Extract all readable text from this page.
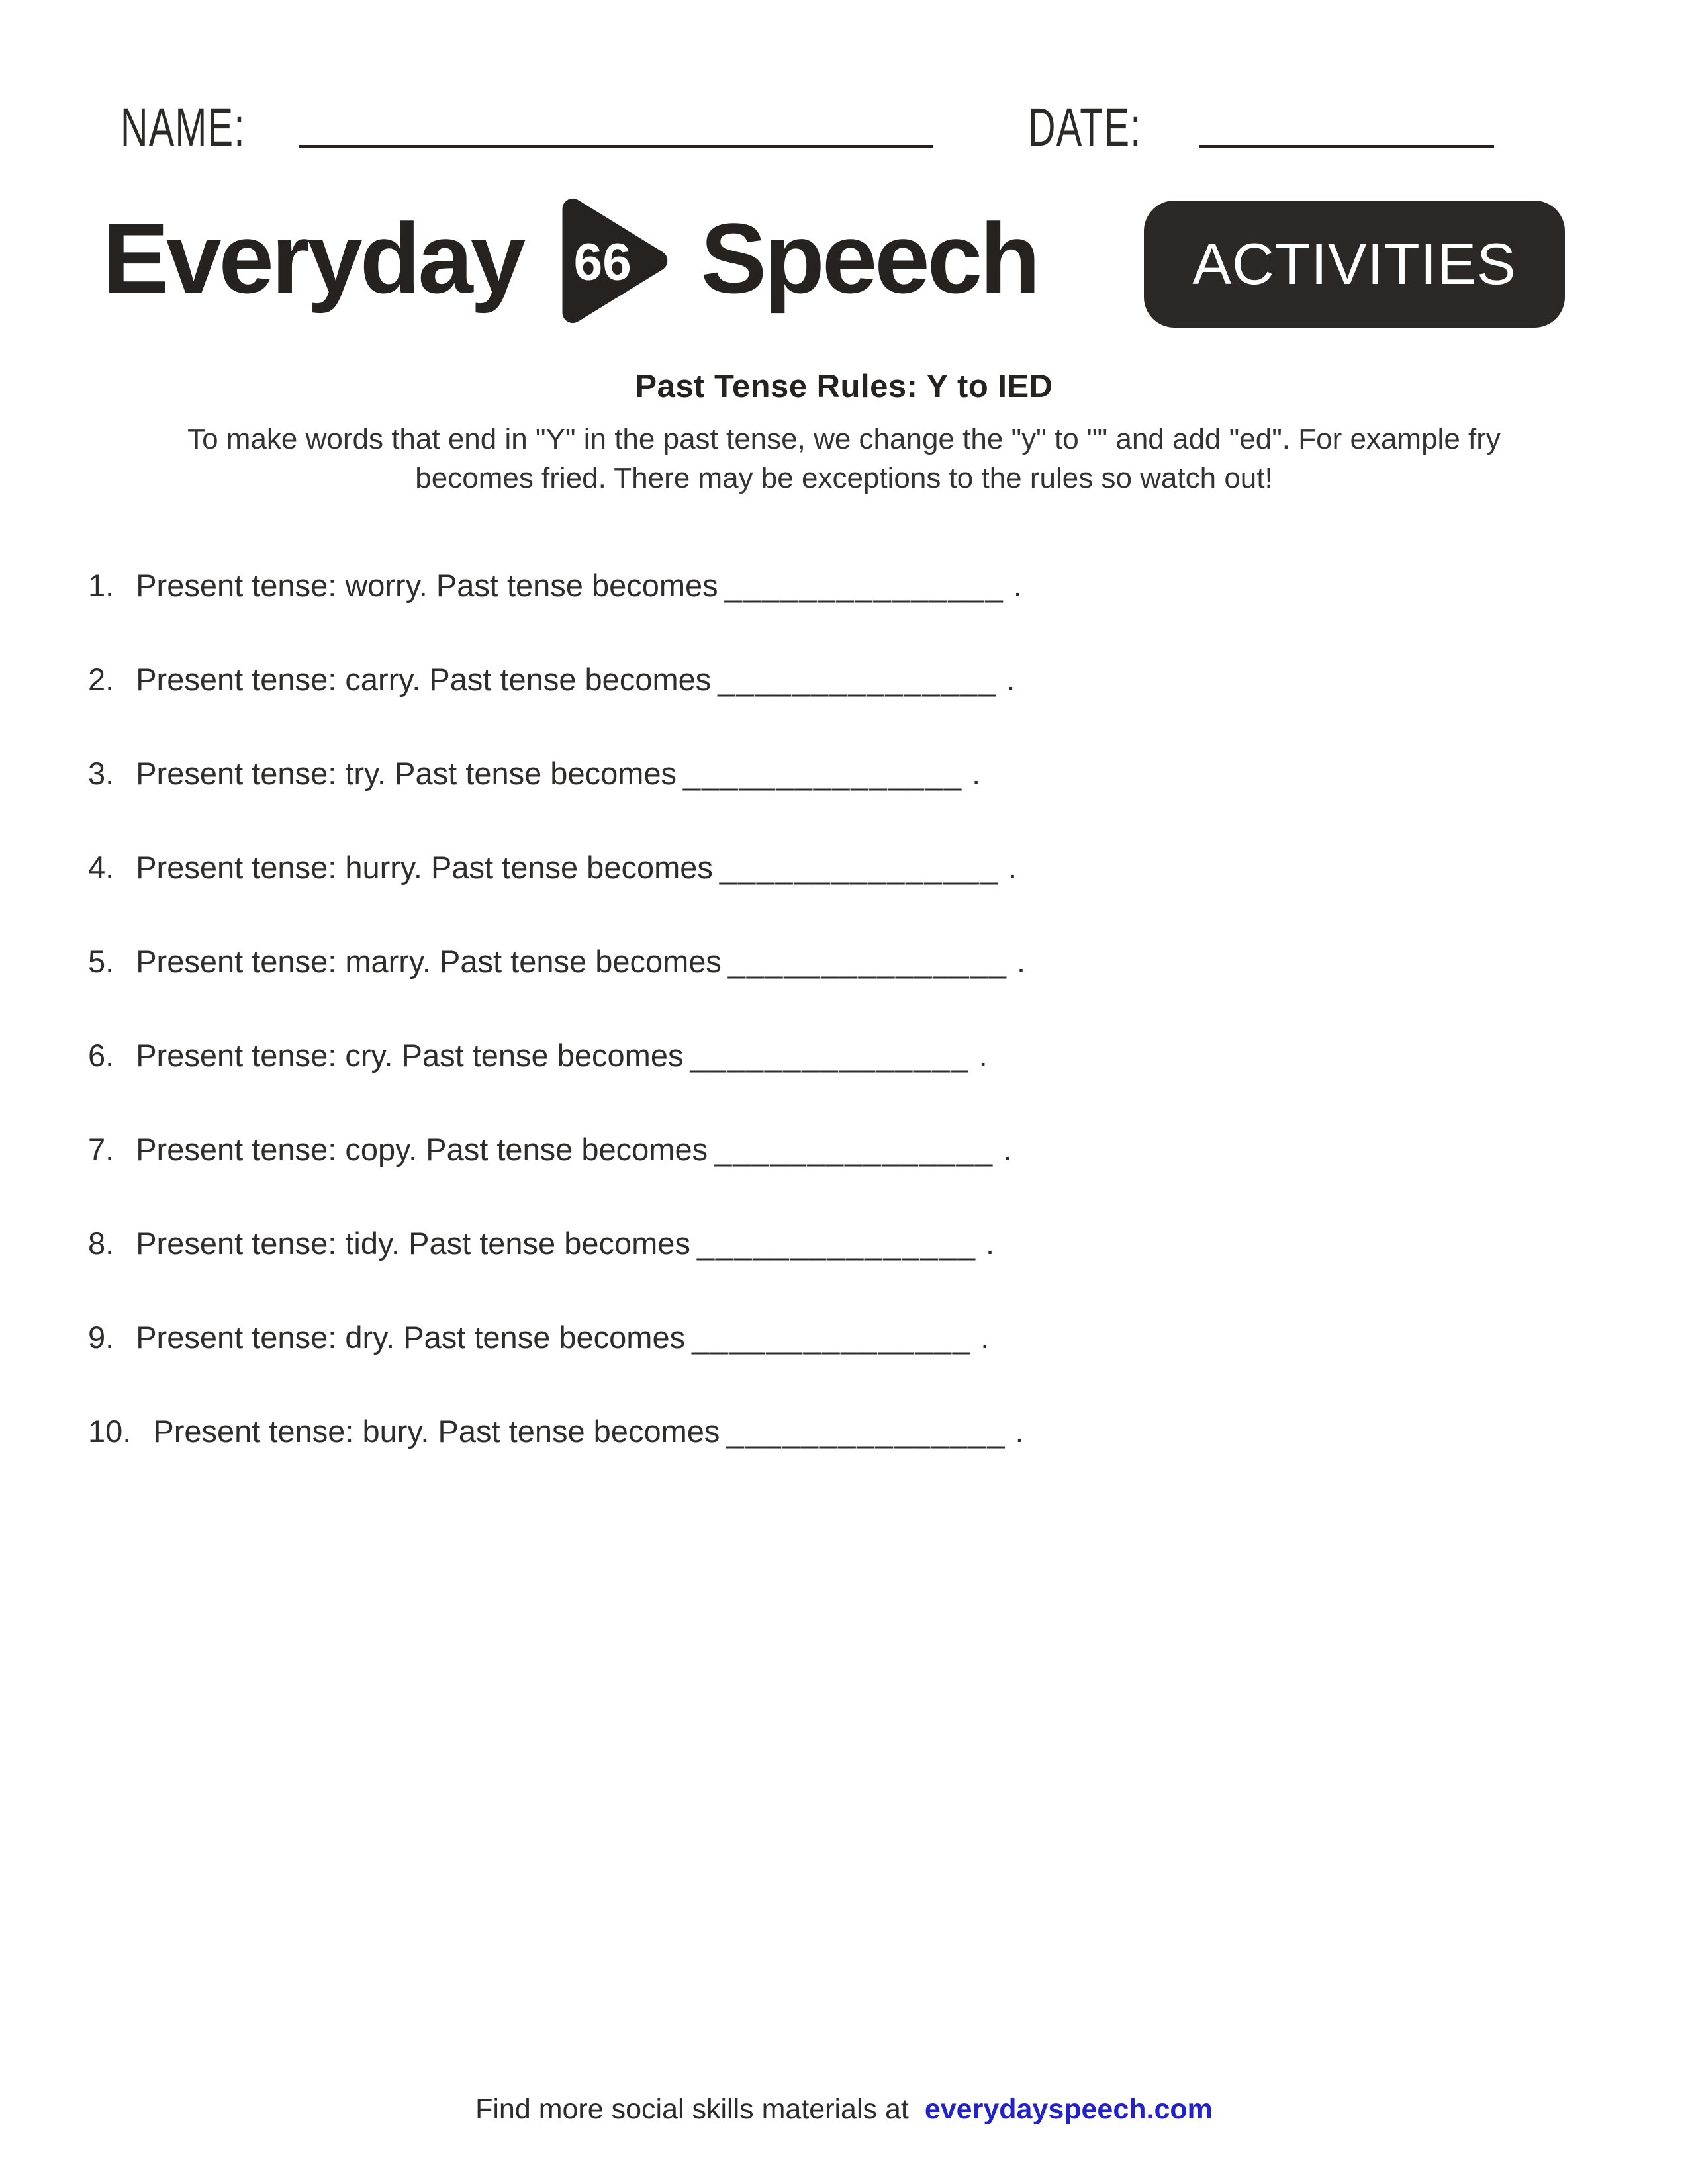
NAME:	DATE:
Everyday 66 Speech	ACTIVITIES
Past Tense Rules: Y to IED
To make words that end in "Y" in the past tense, we change the "y" to "" and add "ed". For example fry
becomes fried. There may be exceptions to the rules so watch out!
1. Present tense: worry. Past tense becomes _______________ .
2. Present tense: carry. Past tense becomes _______________ .
3. Present tense: try. Past tense becomes _______________ .
4. Present tense: hurry. Past tense becomes _______________ .
5. Present tense: marry. Past tense becomes _______________ .
6. Present tense: cry. Past tense becomes _______________ .
7. Present tense: copy. Past tense becomes _______________ .
8. Present tense: tidy. Past tense becomes _______________ .
9. Present tense: dry. Past tense becomes _______________ .
10. Present tense: bury. Past tense becomes _______________ .
Find more social skills materials at everydayspeech.com
